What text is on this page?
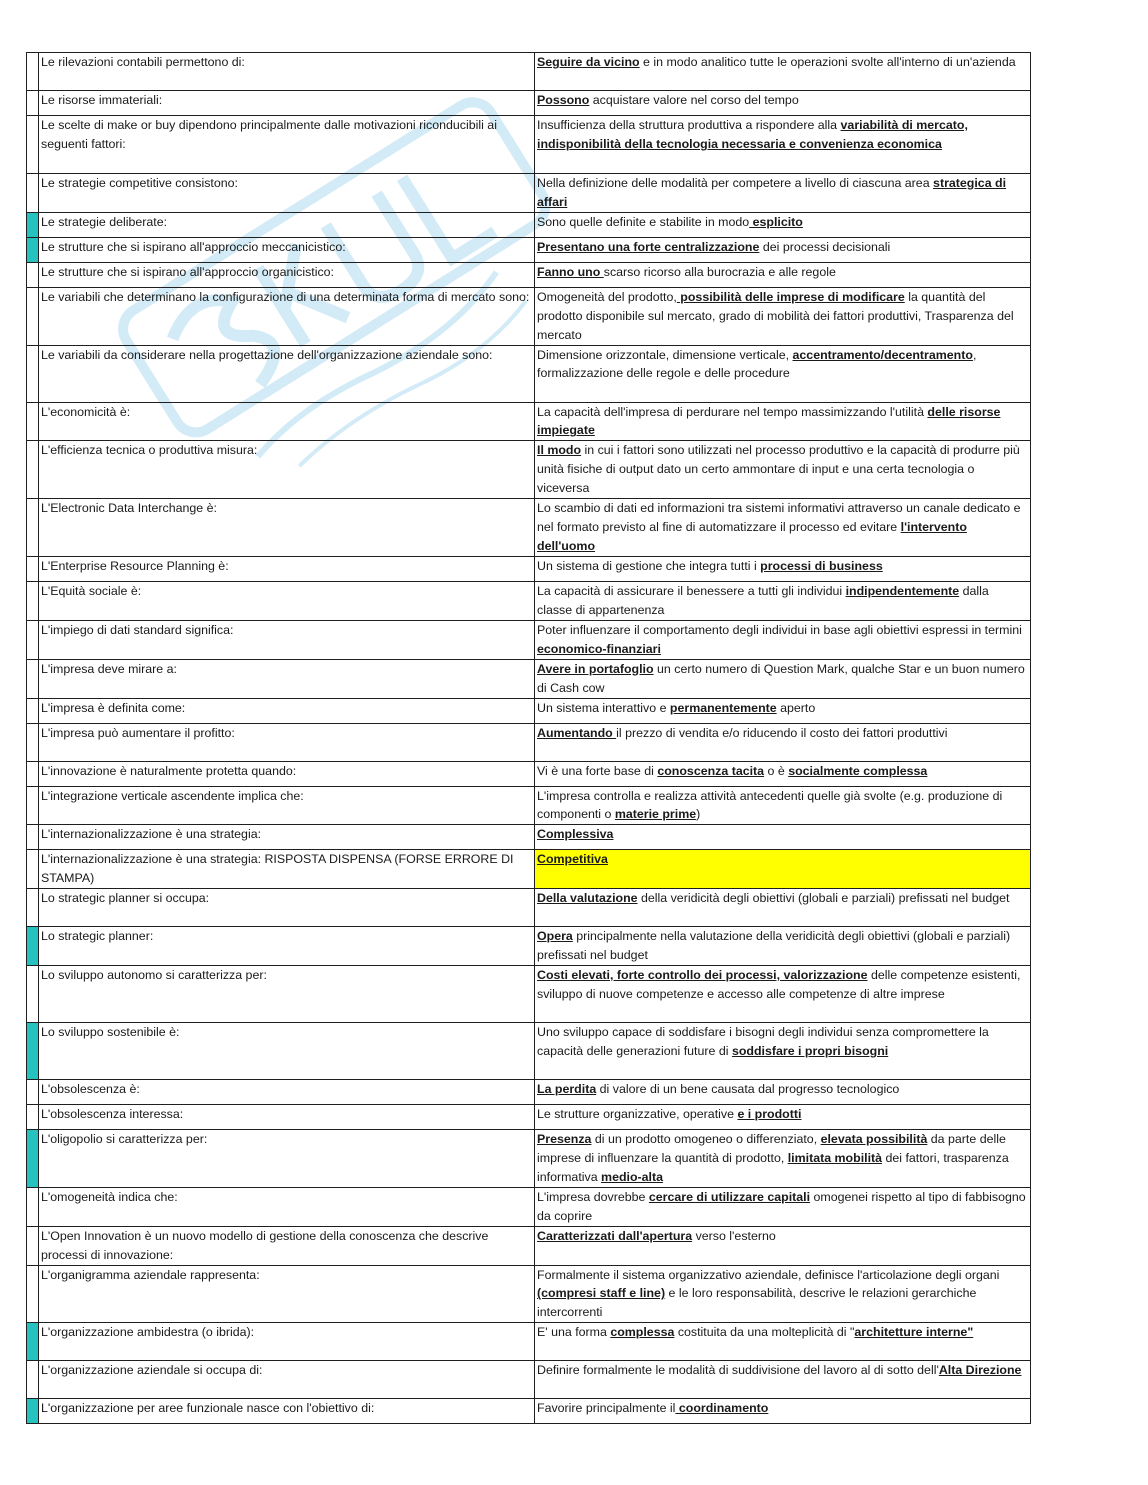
	Le rilevazioni contabili permettono di:	Seguire da vicino e in modo analitico tutte le operazioni svolte all'interno di un'azienda
	Le risorse immateriali:	Possono acquistare valore nel corso del tempo
	Le scelte di make or buy dipendono principalmente dalle motivazioni riconducibili ai seguenti fattori:	Insufficienza della struttura produttiva a rispondere alla variabilità di mercato, indisponibilità della tecnologia necessaria e convenienza economica
	Le strategie competitive consistono:	Nella definizione delle modalità per competere a livello di ciascuna area strategica di affari
	Le strategie deliberate:	Sono quelle definite e stabilite in modo esplicito
	Le strutture che si ispirano all'approccio meccanicistico:	Presentano una forte centralizzazione dei processi decisionali
	Le strutture che si ispirano all'approccio organicistico:	Fanno uno scarso ricorso alla burocrazia e alle regole
	Le variabili che determinano la configurazione di una determinata forma di mercato sono:	Omogeneità del prodotto, possibilità delle imprese di modificare la quantità del prodotto disponibile sul mercato, grado di mobilità dei fattori produttivi, Trasparenza del mercato
	Le variabili da considerare nella progettazione dell'organizzazione aziendale sono:	Dimensione orizzontale, dimensione verticale, accentramento/decentramento, formalizzazione delle regole e delle procedure
	L'economicità è:	La capacità dell'impresa di perdurare nel tempo massimizzando l'utilità delle risorse impiegate
	L'efficienza tecnica o produttiva misura:	Il modo in cui i fattori sono utilizzati nel processo produttivo e la capacità di produrre più unità fisiche di output dato un certo ammontare di input e una certa tecnologia o viceversa
	L'Electronic Data Interchange è:	Lo scambio di dati ed informazioni tra sistemi informativi attraverso un canale dedicato e nel formato previsto al fine di automatizzare il processo ed evitare l'intervento dell'uomo
	L'Enterprise Resource Planning è:	Un sistema di gestione che integra tutti i processi di business
	L'Equità sociale è:	La capacità di assicurare il benessere a tutti gli individui indipendentemente dalla classe di appartenenza
	L'impiego di dati standard significa:	Poter influenzare il comportamento degli individui in base agli obiettivi espressi in termini economico-finanziari
	L'impresa deve mirare a:	Avere in portafoglio un certo numero di Question Mark, qualche Star e un buon numero di Cash cow
	L'impresa è definita come:	Un sistema interattivo e permanentemente aperto
	L'impresa può aumentare il profitto:	Aumentando il prezzo di vendita e/o riducendo il costo dei fattori produttivi
	L'innovazione è naturalmente protetta quando:	Vi è una forte base di conoscenza tacita o è socialmente complessa
	L'integrazione verticale ascendente implica che:	L'impresa controlla e realizza attività antecedenti quelle già svolte (e.g. produzione di componenti o materie prime)
	L'internazionalizzazione è una strategia:	Complessiva
	L'internazionalizzazione è una strategia: RISPOSTA DISPENSA (FORSE ERRORE DI STAMPA)	Competitiva
	Lo strategic planner si occupa:	Della valutazione della veridicità degli obiettivi (globali e parziali) prefissati nel budget
	Lo strategic planner:	Opera principalmente nella valutazione della veridicità degli obiettivi (globali e parziali) prefissati nel budget
	Lo sviluppo autonomo si caratterizza per:	Costi elevati, forte controllo dei processi, valorizzazione delle competenze esistenti, sviluppo di nuove competenze e accesso alle competenze di altre imprese
	Lo sviluppo sostenibile è:	Uno sviluppo capace di soddisfare i bisogni degli individui senza compromettere la capacità delle generazioni future di soddisfare i propri bisogni
	L'obsolescenza è:	La perdita di valore di un bene causata dal progresso tecnologico
	L'obsolescenza interessa:	Le strutture organizzative, operative e i prodotti
	L'oligopolio si caratterizza per:	Presenza di un prodotto omogeneo o differenziato, elevata possibilità da parte delle imprese di influenzare la quantità di prodotto, limitata mobilità dei fattori, trasparenza informativa medio-alta
	L'omogeneità indica che:	L'impresa dovrebbe cercare di utilizzare capitali omogenei rispetto al tipo di fabbisogno da coprire
	L'Open Innovation è un nuovo modello di gestione della conoscenza che descrive processi di innovazione:	Caratterizzati dall'apertura verso l'esterno
	L'organigramma aziendale rappresenta:	Formalmente il sistema organizzativo aziendale, definisce l'articolazione degli organi (compresi staff e line) e le loro responsabilità, descrive le relazioni gerarchiche intercorrenti
	L'organizzazione ambidestra (o ibrida):	E' una forma complessa costituita da una molteplicità di "architetture interne"
	L'organizzazione aziendale si occupa di:	Definire formalmente le modalità di suddivisione del lavoro al di sotto dell'Alta Direzione
	L'organizzazione per aree funzionale nasce con l'obiettivo di:	Favorire principalmente il coordinamento
